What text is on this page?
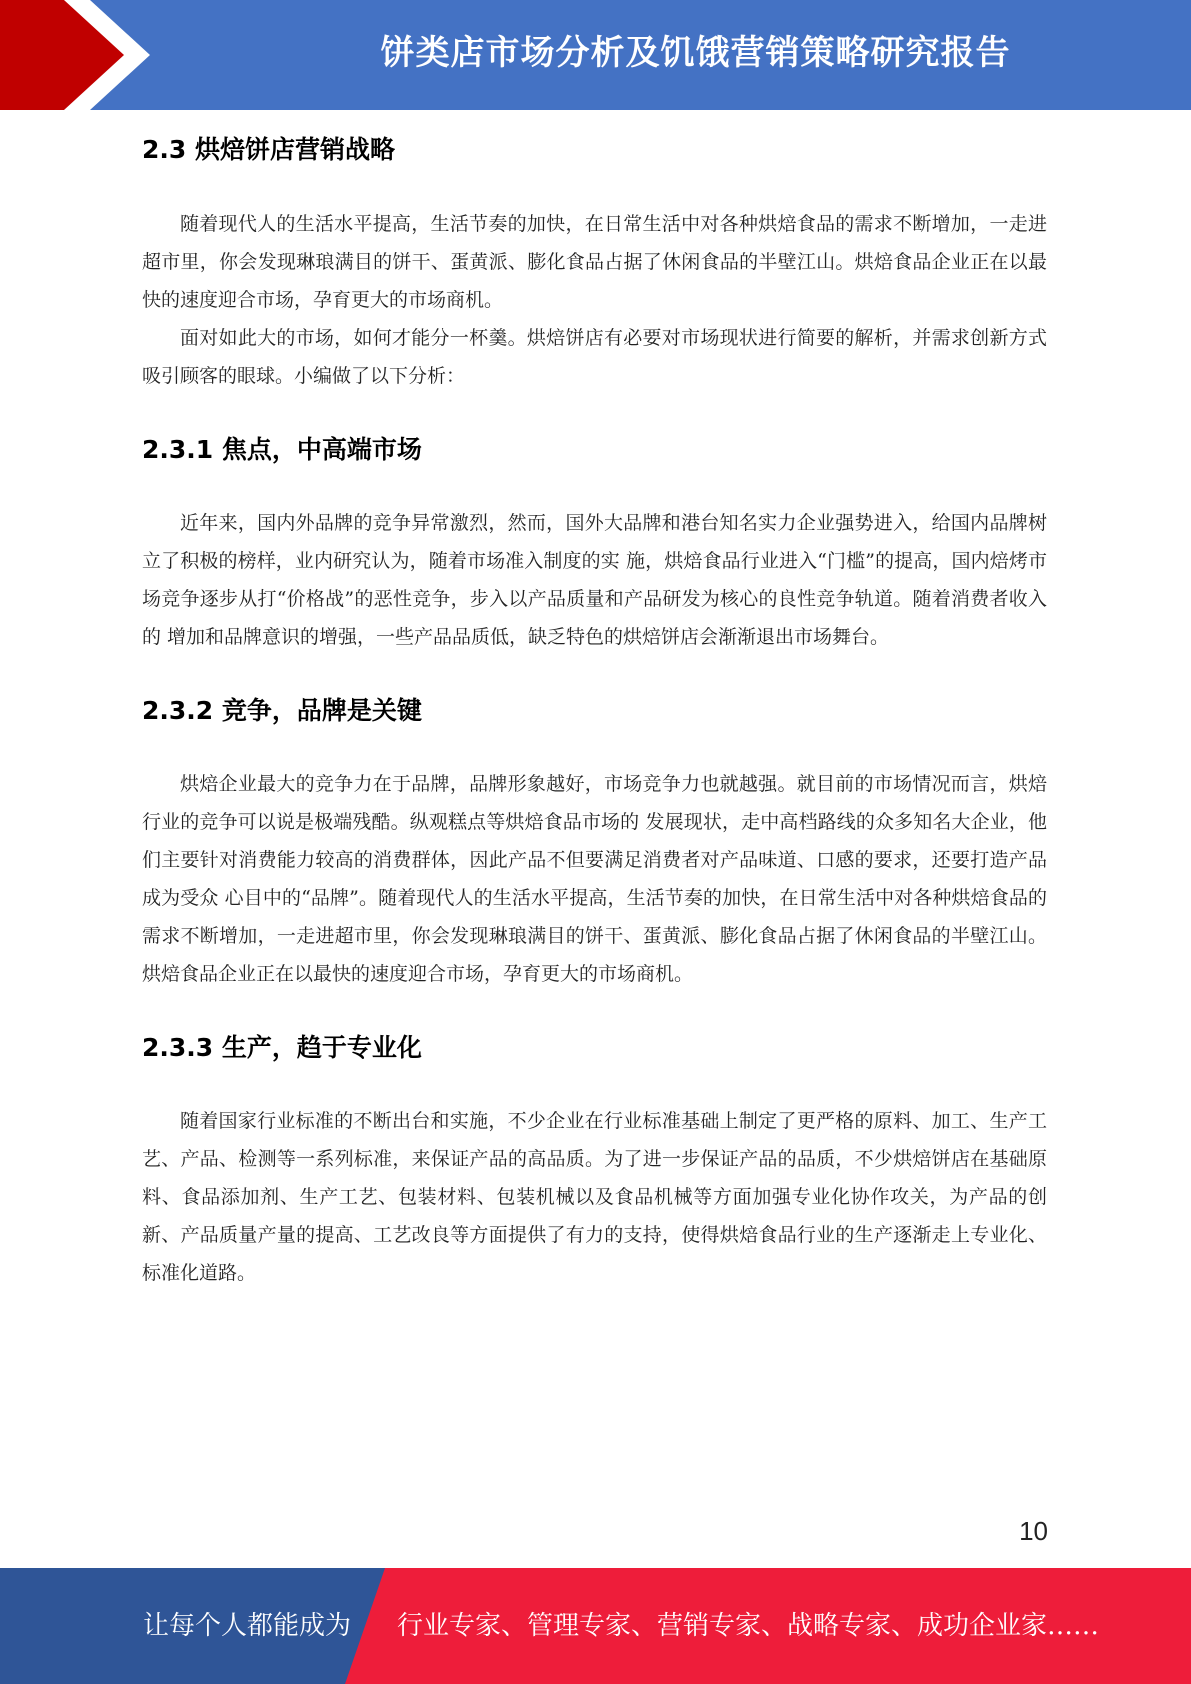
饼类店市场分析及饥饿营销策略研究报告
2.3 烘焙饼店营销战略

随着现代人的生活水平提高，生活节奏的加快，在日常生活中对各种烘焙食品的需求不断增加，一走进超市里，你会发现琳琅满目的饼干、蛋黄派、膨化食品占据了休闲食品的半壁江山。烘焙食品企业正在以最快的速度迎合市场，孕育更大的市场商机。

面对如此大的市场，如何才能分一杯羹。烘焙饼店有必要对市场现状进行简要的解析，并需求创新方式吸引顾客的眼球。小编做了以下分析：

2.3.1 焦点，中高端市场

近年来，国内外品牌的竞争异常激烈，然而，国外大品牌和港台知名实力企业强势进入，给国内品牌树立了积极的榜样，业内研究认为，随着市场准入制度的实 施，烘焙食品行业进入“门槛”的提高，国内焙烤市场竞争逐步从打“价格战”的恶性竞争，步入以产品质量和产品研发为核心的良性竞争轨道。随着消费者收入的 增加和品牌意识的增强，一些产品品质低，缺乏特色的烘焙饼店会渐渐退出市场舞台。

2.3.2 竞争，品牌是关键

烘焙企业最大的竞争力在于品牌，品牌形象越好，市场竞争力也就越强。就目前的市场情况而言，烘焙行业的竞争可以说是极端残酷。纵观糕点等烘焙食品市场的 发展现状，走中高档路线的众多知名大企业，他们主要针对消费能力较高的消费群体，因此产品不但要满足消费者对产品味道、口感的要求，还要打造产品成为受众 心目中的“品牌”。随着现代人的生活水平提高，生活节奏的加快，在日常生活中对各种烘焙食品的需求不断增加，一走进超市里，你会发现琳琅满目的饼干、蛋黄派、膨化食品占据了休闲食品的半壁江山。烘焙食品企业正在以最快的速度迎合市场，孕育更大的市场商机。

2.3.3 生产，趋于专业化

随着国家行业标准的不断出台和实施，不少企业在行业标准基础上制定了更严格的原料、加工、生产工艺、产品、检测等一系列标准，来保证产品的高品质。为了进一步保证产品的品质，不少烘焙饼店在基础原料、食品添加剂、生产工艺、包装材料、包装机械以及食品机械等方面加强专业化协作攻关，为产品的创新、产品质量产量的提高、工艺改良等方面提供了有力的支持，使得烘焙食品行业的生产逐渐走上专业化、标准化道路。

10
让每个人都能成为 行业专家、管理专家、营销专家、战略专家、成功企业家……
